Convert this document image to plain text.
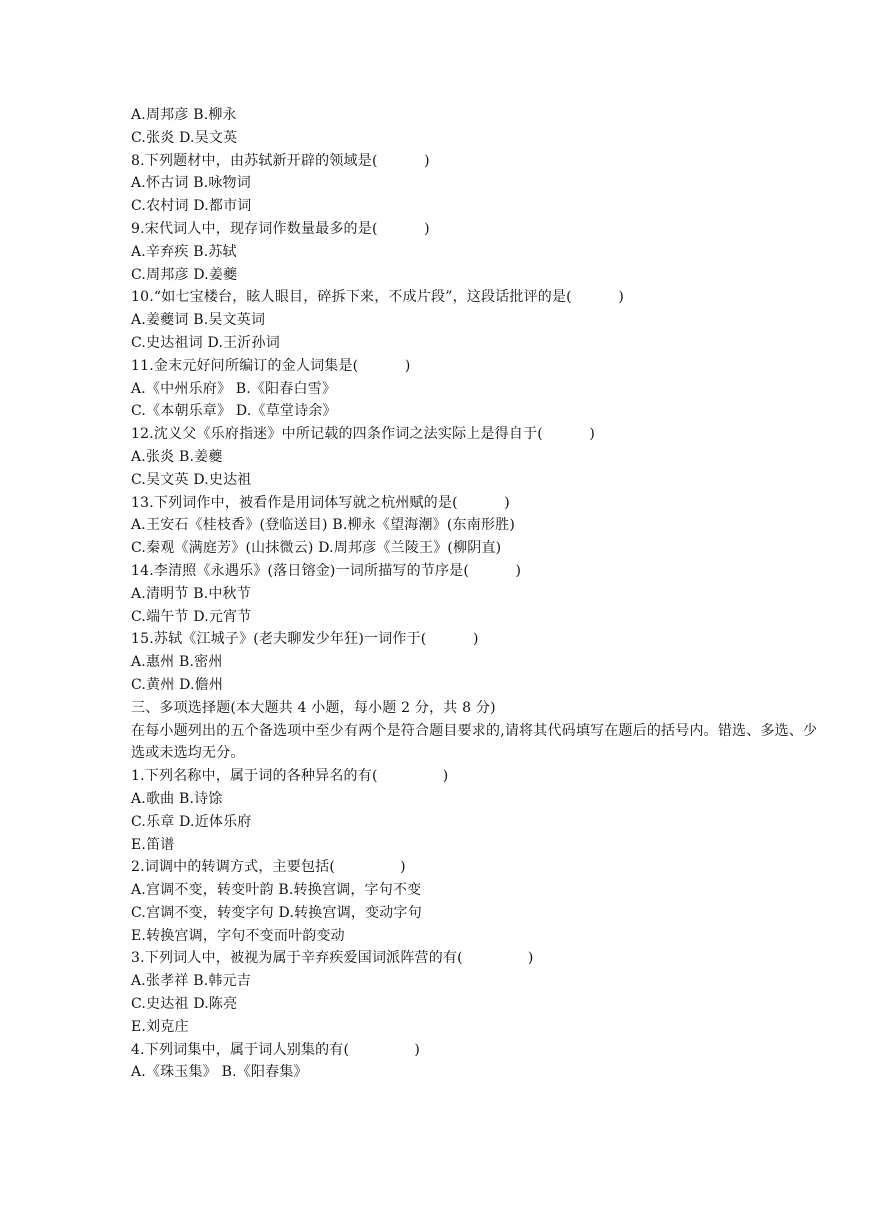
A.周邦彦 B.柳永
C.张炎 D.吴文英
8.下列题材中，由苏轼新开辟的领域是(          )
A.怀古词 B.咏物词
C.农村词 D.都市词
9.宋代词人中，现存词作数量最多的是(          )
A.辛弃疾 B.苏轼
C.周邦彦 D.姜夔
10.“如七宝楼台，眩人眼目，碎拆下来，不成片段”，这段话批评的是(          )
A.姜夔词 B.吴文英词
C.史达祖词 D.王沂孙词
11.金末元好问所编订的金人词集是(          )
A.《中州乐府》 B.《阳春白雪》
C.《本朝乐章》 D.《草堂诗余》
12.沈义父《乐府指迷》中所记载的四条作词之法实际上是得自于(          )
A.张炎 B.姜夔
C.吴文英 D.史达祖
13.下列词作中，被看作是用词体写就之杭州赋的是(          )
A.王安石《桂枝香》(登临送目) B.柳永《望海潮》(东南形胜)
C.秦观《满庭芳》(山抹微云) D.周邦彦《兰陵王》(柳阴直)
14.李清照《永遇乐》(落日镕金)一词所描写的节序是(          )
A.清明节 B.中秋节
C.端午节 D.元宵节
15.苏轼《江城子》(老夫聊发少年狂)一词作于(          )
A.惠州 B.密州
C.黄州 D.儋州
三、多项选择题(本大题共 4 小题，每小题 2 分，共 8 分)
在每小题列出的五个备选项中至少有两个是符合题目要求的,请将其代码填写在题后的括号内。错选、多选、少
选或未选均无分。
1.下列名称中，属于词的各种异名的有(              )
A.歌曲 B.诗馀
C.乐章 D.近体乐府
E.笛谱
2.词调中的转调方式，主要包括(              )
A.宫调不变，转变叶韵 B.转换宫调，字句不变
C.宫调不变，转变字句 D.转换宫调，变动字句
E.转换宫调，字句不变而叶韵变动
3.下列词人中，被视为属于辛弃疾爱国词派阵营的有(              )
A.张孝祥 B.韩元吉
C.史达祖 D.陈亮
E.刘克庄
4.下列词集中，属于词人别集的有(              )
A.《珠玉集》 B.《阳春集》
